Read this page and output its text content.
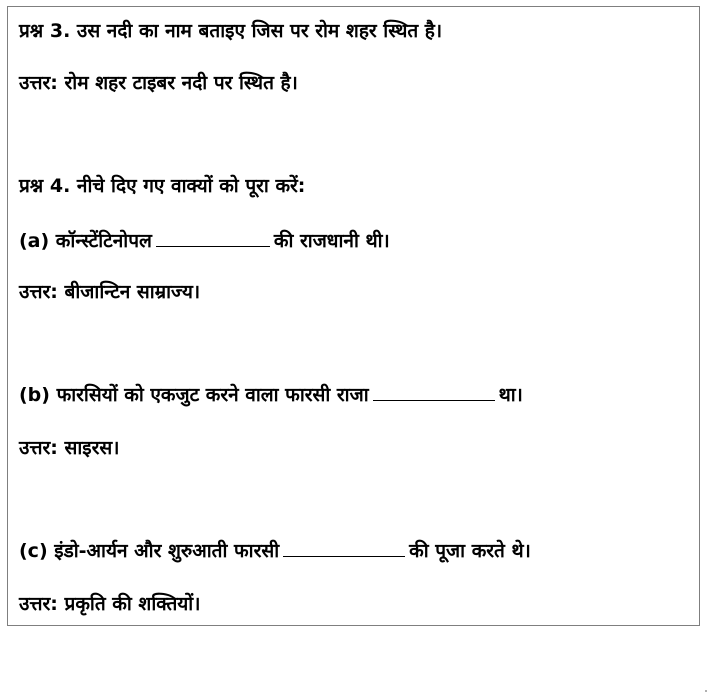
प्रश्न 3. उस नदी का नाम बताइए जिस पर रोम शहर स्थित है।
उत्तर: रोम शहर टाइबर नदी पर स्थित है।
प्रश्न 4. नीचे दिए गए वाक्यों को पूरा करें:
(a) कॉन्स्टेंटिनोपल	की राजधानी थी।
उत्तर: बीजान्टिन साम्राज्य।
(b) फारसियों को एकजुट करने वाला फारसी राजा	था।
उत्तर: साइरस।
(c) इंडो-आर्यन और शुरुआती फारसी	की पूजा करते थे।
उत्तर: प्रकृति की शक्तियों।
